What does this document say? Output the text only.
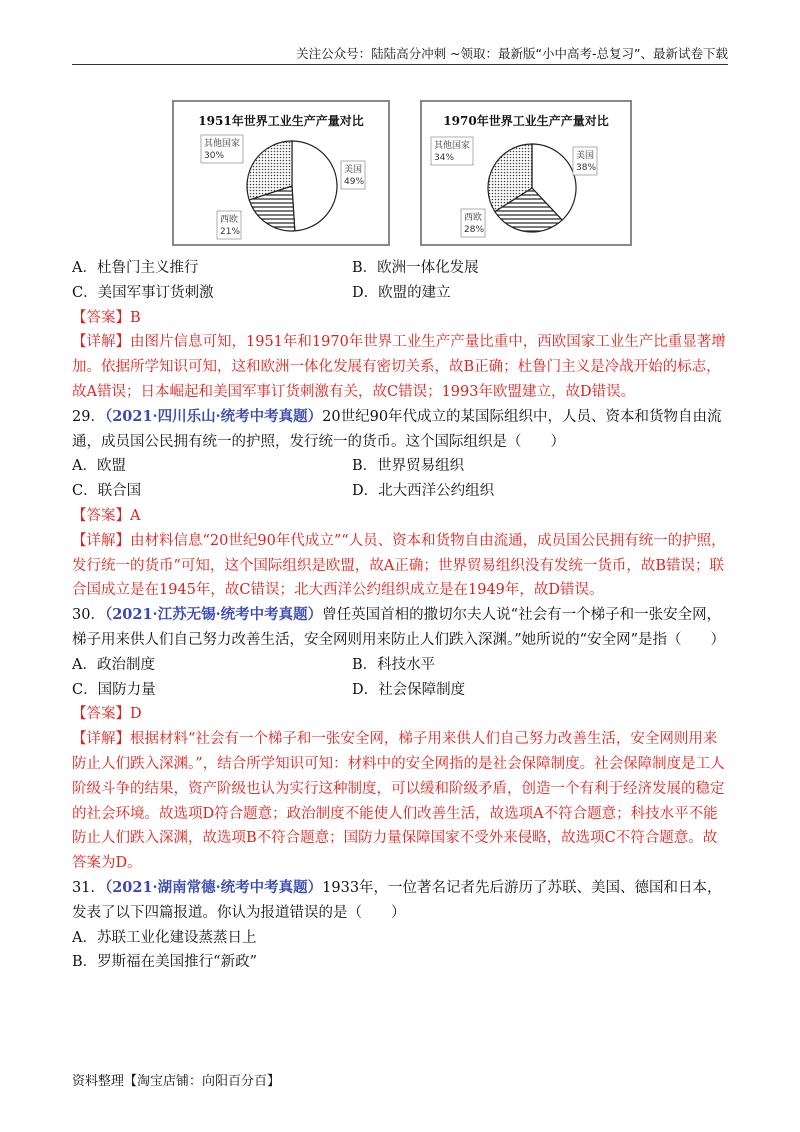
关注公众号：陆陆高分冲刺 ~领取：最新版“小中高考-总复习”、最新试卷下载
1951年世界工业生产产量对比
美国
49%
西欧
21%
其他国家
30%
1970年世界工业生产产量对比
美国
38%
西欧
28%
其他国家
34%
A．杜鲁门主义推行	B．欧洲一体化发展
C．美国军事订货刺激	D．欧盟的建立

【答案】B

【详解】由图片信息可知，1951年和1970年世界工业生产产量比重中，西欧国家工业生产比重显著增加。依据所学知识可知，这和欧洲一体化发展有密切关系，故B正确；杜鲁门主义是冷战开始的标志，故A错误；日本崛起和美国军事订货刺激有关，故C错误；1993年欧盟建立，故D错误。

29．（2021·四川乐山·统考中考真题）20世纪90年代成立的某国际组织中，人员、资本和货物自由流通，成员国公民拥有统一的护照，发行统一的货币。这个国际组织是（　　）

A．欧盟	B．世界贸易组织
C．联合国	D．北大西洋公约组织

【答案】A

【详解】由材料信息“20世纪90年代成立”“人员、资本和货物自由流通，成员国公民拥有统一的护照，发行统一的货币”可知，这个国际组织是欧盟，故A正确；世界贸易组织没有发统一货币，故B错误；联合国成立是在1945年，故C错误；北大西洋公约组织成立是在1949年，故D错误。

30．（2021·江苏无锡·统考中考真题）曾任英国首相的撒切尔夫人说“社会有一个梯子和一张安全网，梯子用来供人们自己努力改善生活，安全网则用来防止人们跌入深渊。”她所说的“安全网”是指（　　）

A．政治制度	B．科技水平
C．国防力量	D．社会保障制度

【答案】D

【详解】根据材料“社会有一个梯子和一张安全网，梯子用来供人们自己努力改善生活，安全网则用来防止人们跌入深渊。”，结合所学知识可知：材料中的安全网指的是社会保障制度。社会保障制度是工人阶级斗争的结果，资产阶级也认为实行这种制度，可以缓和阶级矛盾，创造一个有利于经济发展的稳定的社会环境。故选项D符合题意；政治制度不能使人们改善生活，故选项A不符合题意；科技水平不能防止人们跌入深渊，故选项B不符合题意；国防力量保障国家不受外来侵略，故选项C不符合题意。故答案为D。

31．（2021·湖南常德·统考中考真题）1933年，一位著名记者先后游历了苏联、美国、德国和日本，发表了以下四篇报道。你认为报道错误的是（　　）

A．苏联工业化建设蒸蒸日上

B．罗斯福在美国推行“新政”

资料整理【淘宝店铺：向阳百分百】
